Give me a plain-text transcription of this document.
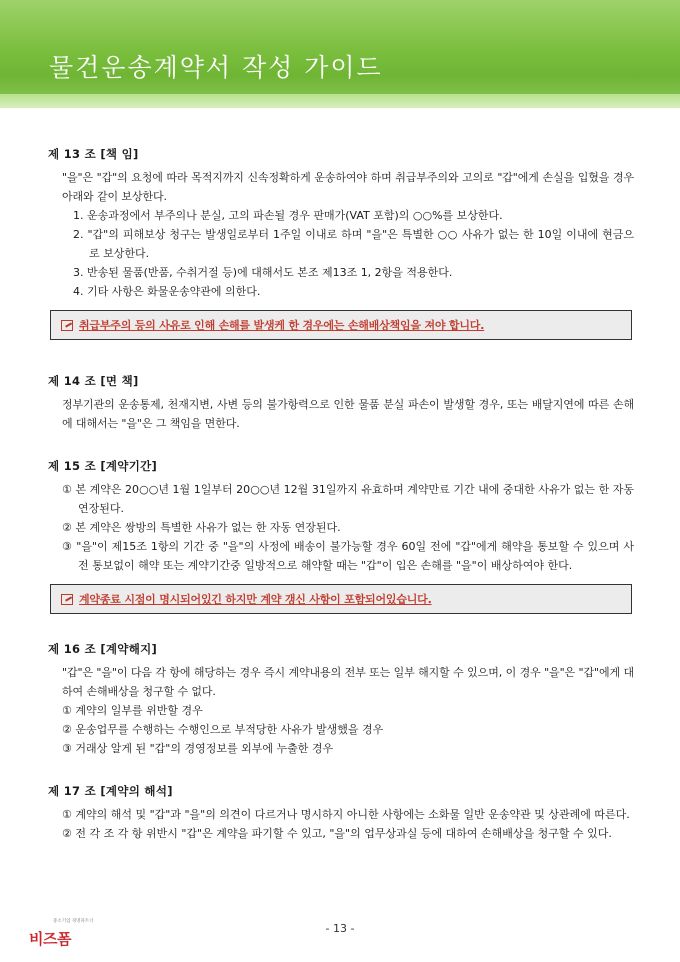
물건운송계약서 작성 가이드
제 13 조 [책 임]
"을"은 "갑"의 요청에 따라 목적지까지 신속정확하게 운송하여야 하며 취급부주의와 고의로 "갑"에게 손실을 입혔을 경우 아래와 같이 보상한다.
1. 운송과정에서 부주의나 분실, 고의 파손될 경우 판매가(VAT 포함)의 ○○%를 보상한다.
2. "갑"의 피해보상 청구는 발생일로부터 1주일 이내로 하며 "을"은 특별한 ○○ 사유가 없는 한 10일 이내에 현금으로 보상한다.
3. 반송된 물품(반품, 수취거절 등)에 대해서도 본조 제13조 1, 2항을 적용한다.
4. 기타 사항은 화물운송약관에 의한다.
취급부주의 등의 사유로 인해 손해를 발생케 한 경우에는 손해배상책임을 져야 합니다.
제 14 조 [면 책]
정부기관의 운송통제, 천재지변, 사변 등의 불가항력으로 인한 물품 분실 파손이 발생할 경우, 또는 배달지연에 따른 손해에 대해서는 "을"은 그 책임을 면한다.
제 15 조 [계약기간]
① 본 계약은 20○○년 1월 1일부터 20○○년 12월 31일까지 유효하며 계약만료 기간 내에 중대한 사유가 없는 한 자동 연장된다.
② 본 계약은 쌍방의 특별한 사유가 없는 한 자동 연장된다.
③ "을"이 제15조 1항의 기간 중 "을"의 사정에 배송이 불가능할 경우 60일 전에 "갑"에게 해약을 통보할 수 있으며 사전 통보없이 해약 또는 계약기간중 일방적으로 해약할 때는 "갑"이 입은 손해를 "을"이 배상하여야 한다.
계약종료 시점이 명시되어있긴 하지만 계약 갱신 사항이 포함되어있습니다.
제 16 조 [계약해지]
"갑"은 "을"이 다음 각 항에 해당하는 경우 즉시 계약내용의 전부 또는 일부 해지할 수 있으며, 이 경우 "을"은 "갑"에게 대하여 손해배상을 청구할 수 없다.
① 계약의 일부를 위반할 경우
② 운송업무를 수행하는 수행인으로 부적당한 사유가 발생했을 경우
③ 거래상 알게 된 "갑"의 경영정보를 외부에 누출한 경우
제 17 조 [계약의 해석]
① 계약의 해석 및 "갑"과 "을"의 의견이 다르거나 명시하지 아니한 사항에는 소화물 일반 운송약관 및 상관례에 따른다.
② 전 각 조 각 항 위반시 "갑"은 계약을 파기할 수 있고, "을"의 업무상과실 등에 대하여 손해배상을 청구할 수 있다.
중소기업 경영파트너
비즈폼
- 13 -
